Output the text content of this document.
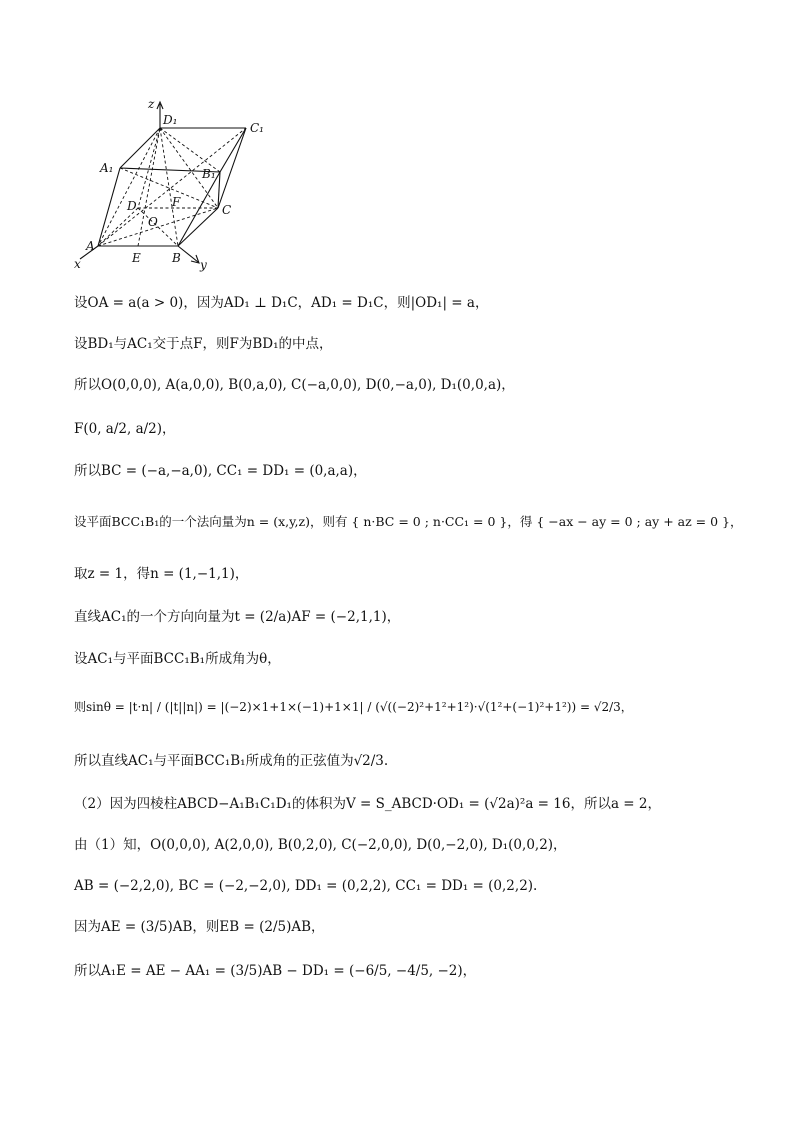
z
D₁
C₁
A₁	B₁
D	F
C
O
A
E	B
x	y
设OA = a(a > 0)，因为AD₁ ⊥ D₁C，AD₁ = D₁C，则|OD₁| = a，
设BD₁与AC₁交于点F，则F为BD₁的中点，
所以O(0,0,0), A(a,0,0), B(0,a,0), C(−a,0,0), D(0,−a,0), D₁(0,0,a)，
F(0, a/2, a/2)，
所以BC = (−a,−a,0), CC₁ = DD₁ = (0,a,a)，
设平面BCC₁B₁的一个法向量为n = (x,y,z)，则有 { n·BC = 0 ; n·CC₁ = 0 }，得 { −ax − ay = 0 ; ay + az = 0 }，
取z = 1，得n = (1,−1,1)，
直线AC₁的一个方向向量为t = (2/a)AF = (−2,1,1)，
设AC₁与平面BCC₁B₁所成角为θ，
则sinθ = |t·n| / (|t||n|) = |(−2)×1+1×(−1)+1×1| / (√((−2)²+1²+1²)·√(1²+(−1)²+1²)) = √2/3，
所以直线AC₁与平面BCC₁B₁所成角的正弦值为√2/3.
（2）因为四棱柱ABCD−A₁B₁C₁D₁的体积为V = S_ABCD·OD₁ = (√2a)²a = 16，所以a = 2，
由（1）知，O(0,0,0), A(2,0,0), B(0,2,0), C(−2,0,0), D(0,−2,0), D₁(0,0,2)，
AB = (−2,2,0), BC = (−2,−2,0), DD₁ = (0,2,2), CC₁ = DD₁ = (0,2,2).
因为AE = (3/5)AB，则EB = (2/5)AB，
所以A₁E = AE − AA₁ = (3/5)AB − DD₁ = (−6/5, −4/5, −2)，
